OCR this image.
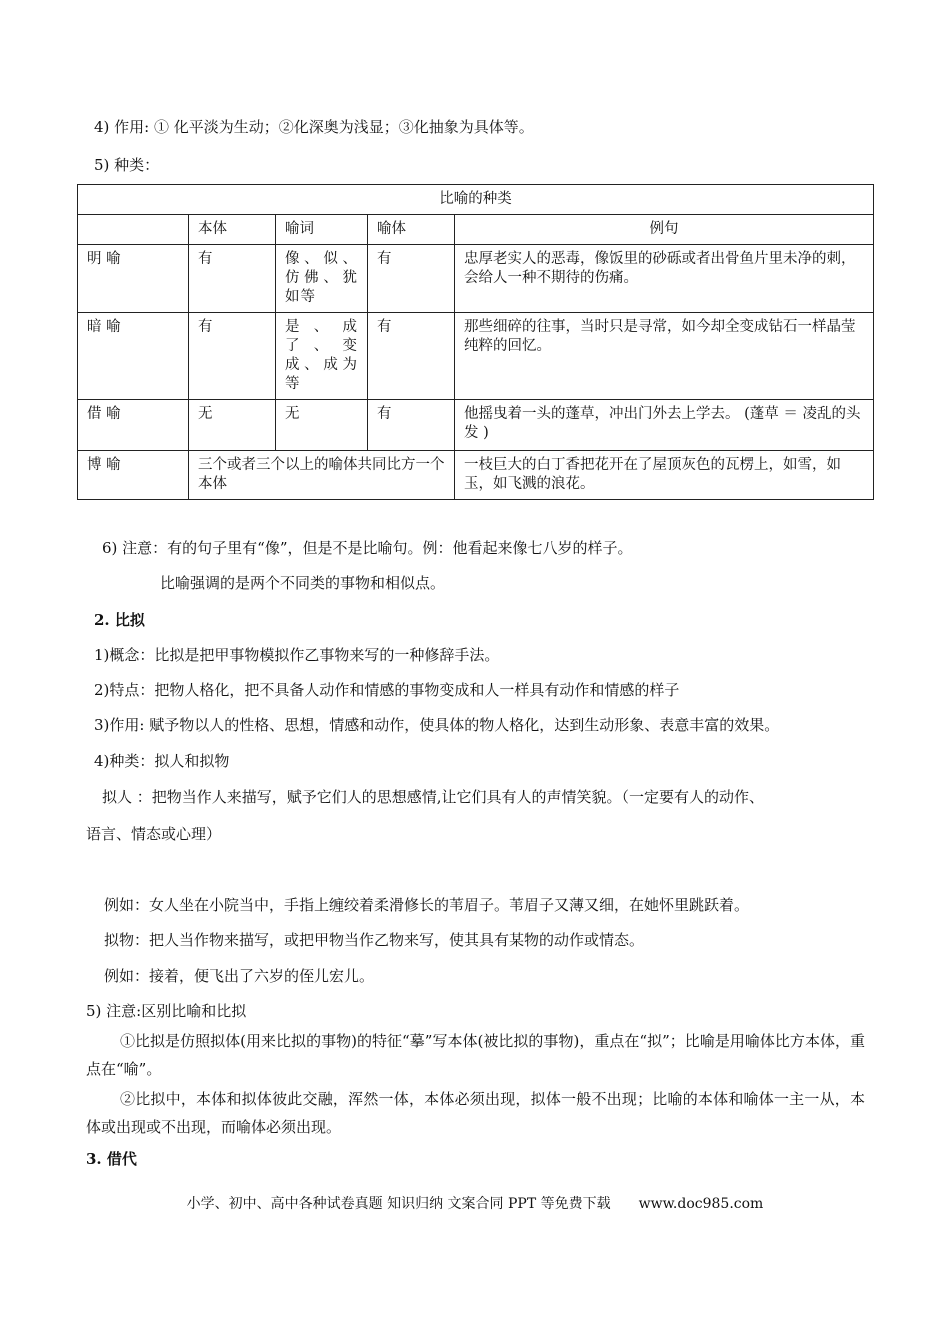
4) 作用: ① 化平淡为生动；②化深奥为浅显；③化抽象为具体等。
5) 种类：
比喻的种类				
	本体	喻词	喻体	例句
明 喻	有	像、似、仿佛、犹如等	有	忠厚老实人的恶毒，像饭里的砂砾或者出骨鱼片里未净的刺，会给人一种不期待的伤痛。
暗 喻	有	是 、 成 了 、 变 成、成为等	有	那些细碎的往事，当时只是寻常，如今却全变成钻石一样晶莹纯粹的回忆。
借 喻	无	无	有	他摇曳着一头的蓬草，冲出门外去上学去。 (蓬草 ＝ 凌乱的头发 )
博 喻	三个或者三个以上的喻体共同比方一个本体			一枝巨大的白丁香把花开在了屋顶灰色的瓦楞上，如雪，如玉，如飞溅的浪花。
6) 注意：有的句子里有“像”，但是不是比喻句。例：他看起来像七八岁的样子。
比喻强调的是两个不同类的事物和相似点。
2. 比拟
1)概念：比拟是把甲事物模拟作乙事物来写的一种修辞手法。
2)特点：把物人格化，把不具备人动作和情感的事物变成和人一样具有动作和情感的样子
3)作用: 赋予物以人的性格、思想，情感和动作，使具体的物人格化，达到生动形象、表意丰富的效果。
4)种类：拟人和拟物
拟人 ：把物当作人来描写，赋予它们人的思想感情,让它们具有人的声情笑貌。（一定要有人的动作、
语言、情态或心理）
例如：女人坐在小院当中，手指上缠绞着柔滑修长的苇眉子。苇眉子又薄又细，在她怀里跳跃着。
拟物：把人当作物来描写，或把甲物当作乙物来写，使其具有某物的动作或情态。
例如：接着，便飞出了六岁的侄儿宏儿。
5) 注意:区别比喻和比拟
①比拟是仿照拟体(用来比拟的事物)的特征“摹”写本体(被比拟的事物)，重点在“拟”；比喻是用喻体比方本体，重点在“喻”。
②比拟中，本体和拟体彼此交融，浑然一体，本体必须出现，拟体一般不出现；比喻的本体和喻体一主一从，本体或出现或不出现，而喻体必须出现。
3. 借代
小学、初中、高中各种试卷真题 知识归纳 文案合同 PPT 等免费下载 www.doc985.com
